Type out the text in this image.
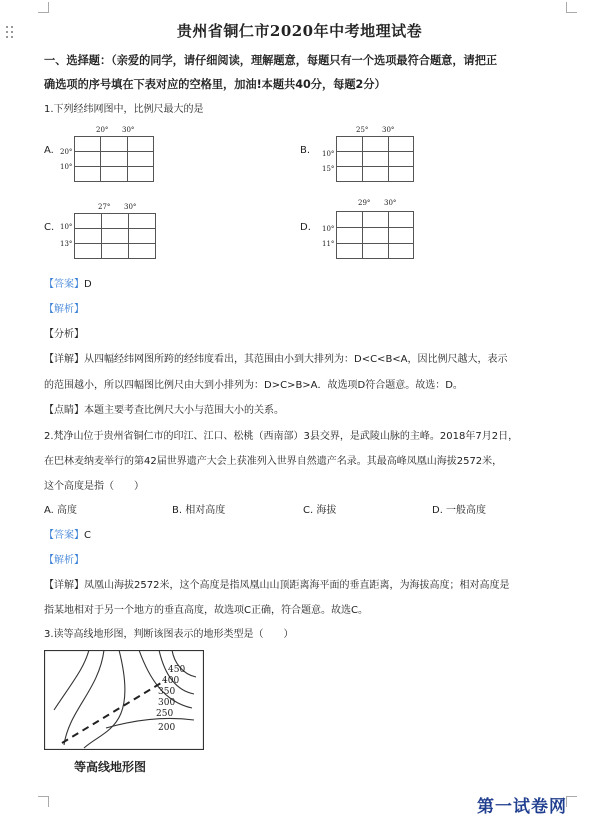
贵州省铜仁市2020年中考地理试卷
一、选择题：（亲爱的同学，请仔细阅读，理解题意，每题只有一个选项最符合题意，请把正
确选项的序号填在下表对应的空格里，加油!本题共40分，每题2分）
1.下列经纬网图中，比例尺最大的是
A.	B.
C.	D.
20° 30°
20°
10°
25° 30°
10°
15°
27° 30°
10°
13°
29° 30°
10°
11°
【答案】D
【解析】
【分析】
【详解】从四幅经纬网图所跨的经纬度看出，其范围由小到大排列为：D<C<B<A，因比例尺越大，表示
的范围越小，所以四幅图比例尺由大到小排列为：D>C>B>A．故选项D符合题意。故选：D。
【点睛】本题主要考查比例尺大小与范围大小的关系。
2.梵净山位于贵州省铜仁市的印江、江口、松桃（西南部）3县交界，是武陵山脉的主峰。2018年7月2日，
在巴林麦纳麦举行的第42届世界遗产大会上获准列入世界自然遗产名录。其最高峰凤凰山海拔2572米，
这个高度是指（　　）
A. 高度	B. 相对高度	C. 海拔	D. 一般高度
【答案】C
【解析】
【详解】凤凰山海拔2572米，这个高度是指凤凰山山顶距离海平面的垂直距离，为海拔高度；相对高度是
指某地相对于另一个地方的垂直高度，故选项C正确，符合题意。故选C。
3.读等高线地形图，判断该图表示的地形类型是（　　）
450
400
350
300
250
200
等高线地形图
第一试卷网
